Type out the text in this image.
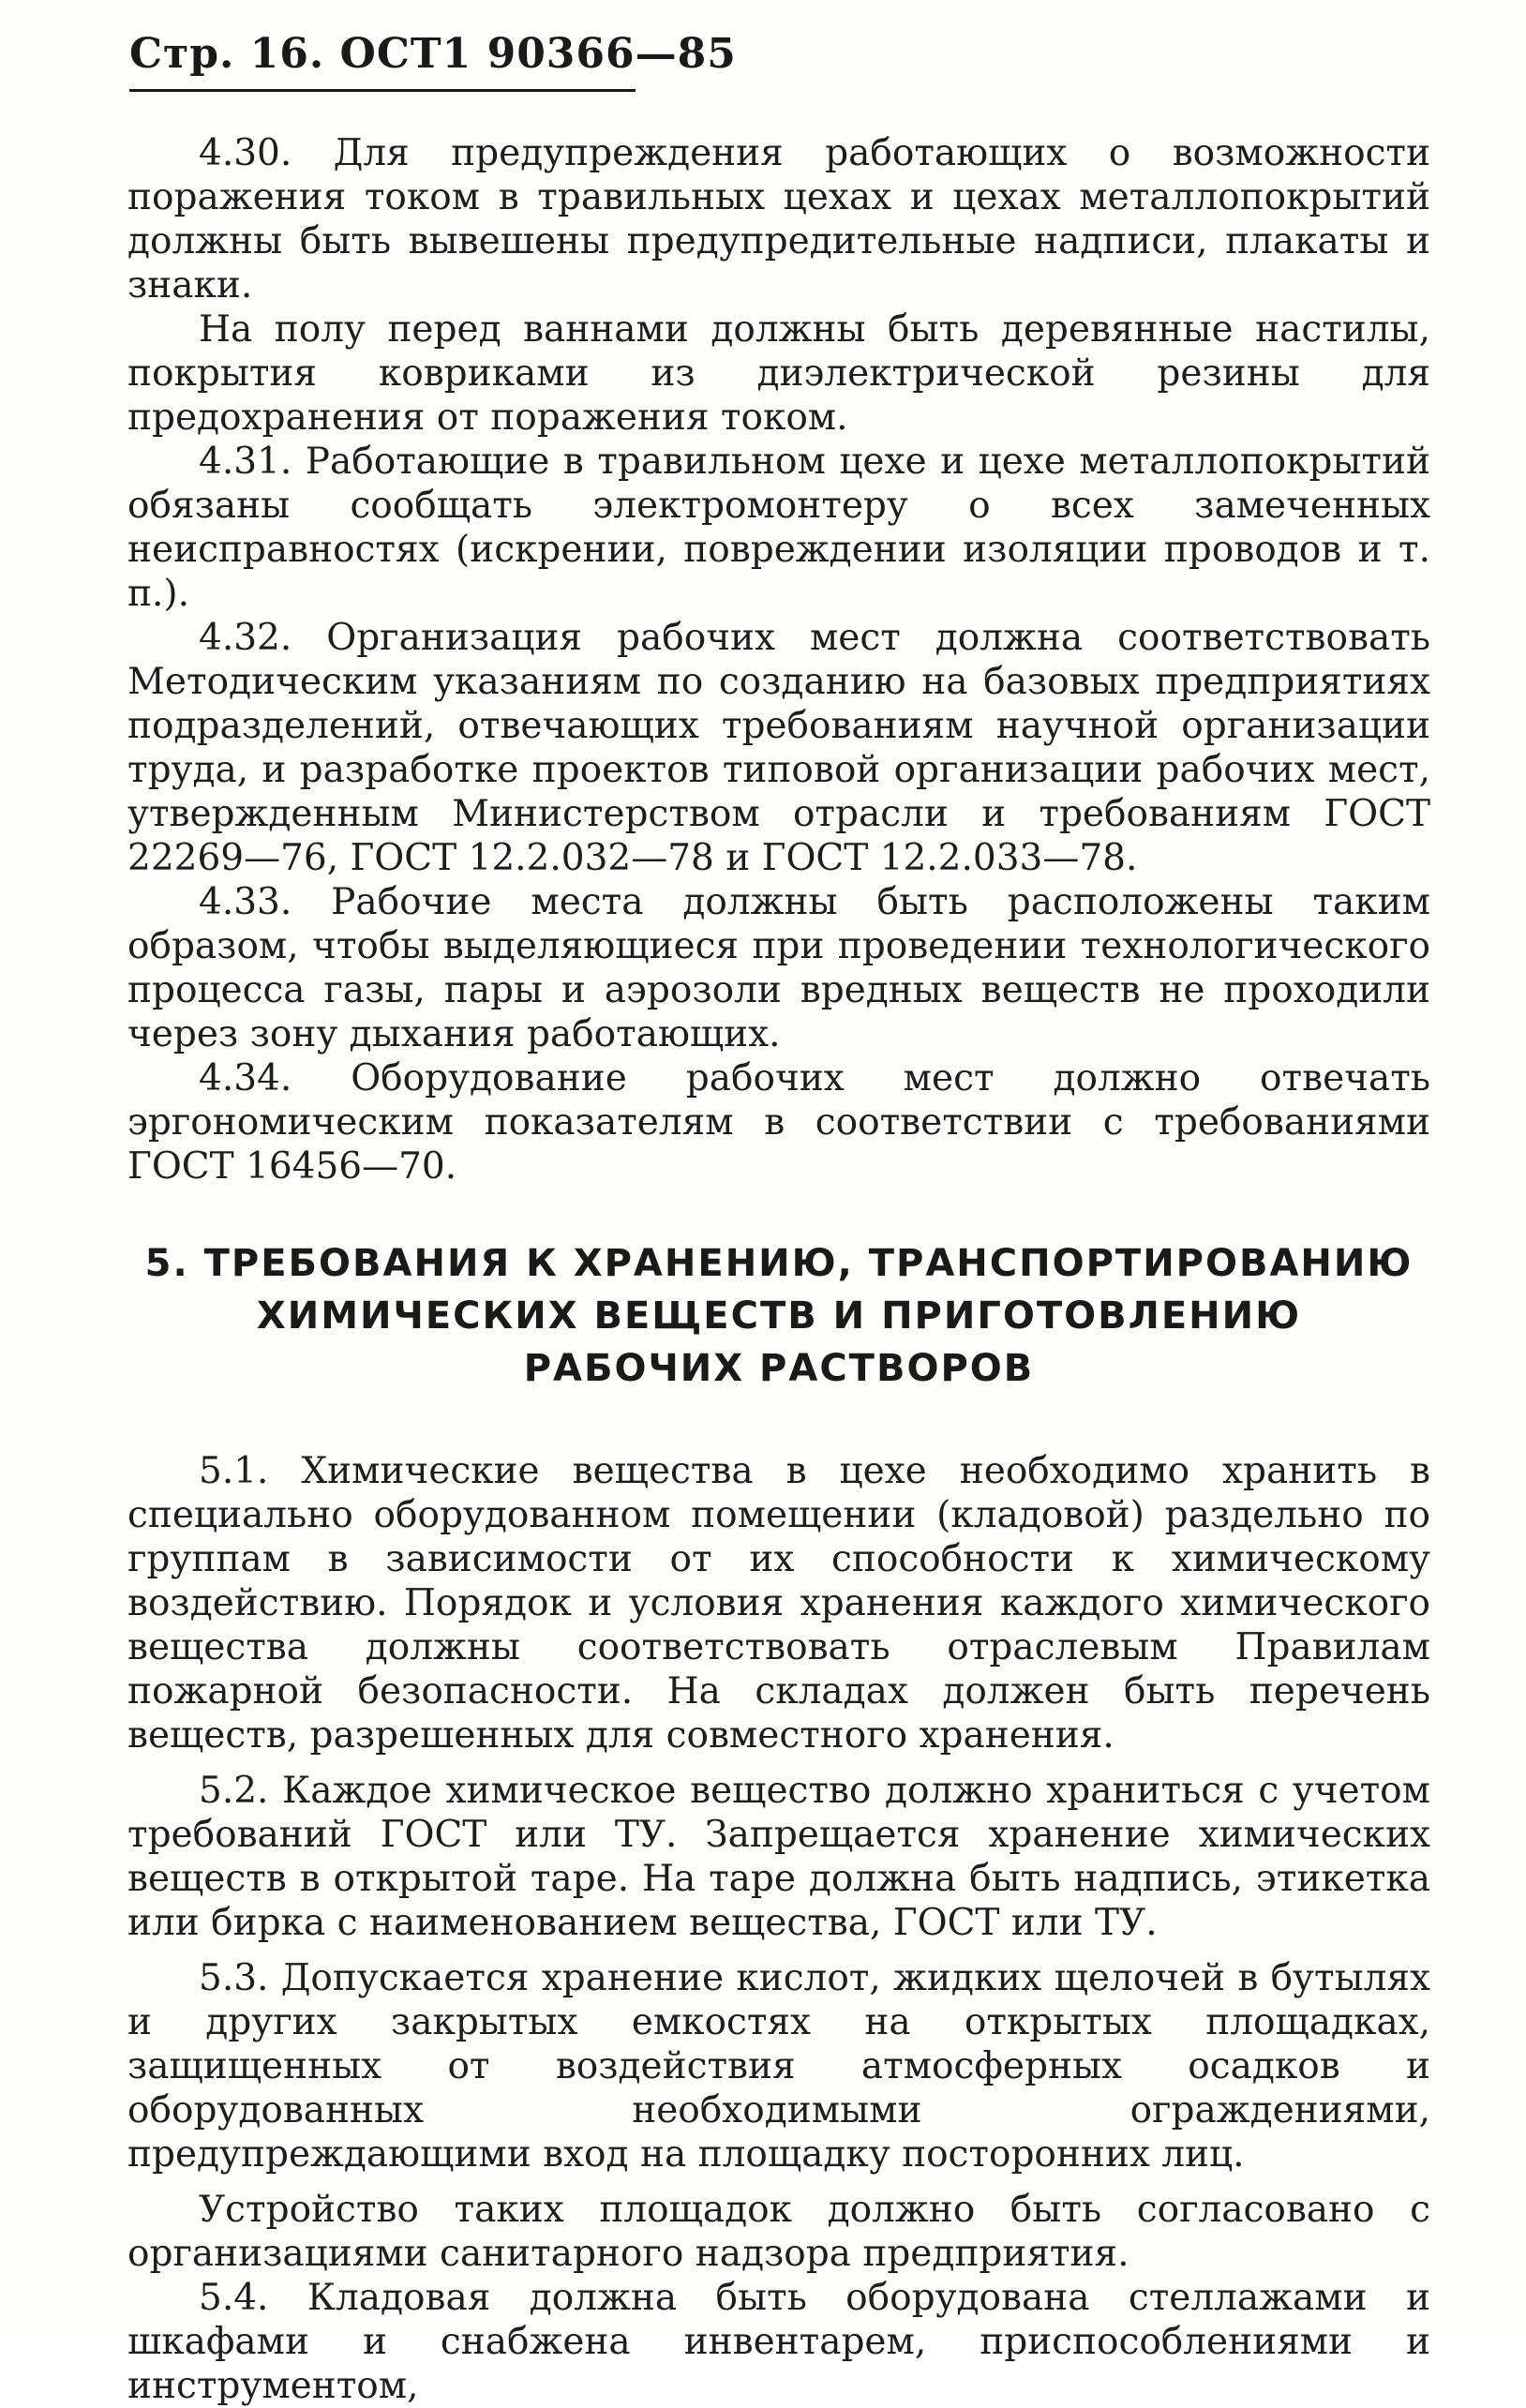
Стр. 16. ОСТ1 90366—85

4.30. Для предупреждения работающих о возможности поражения током в травильных цехах и цехах металлопокрытий должны быть вывешены предупредительные надписи, плакаты и знаки.

На полу перед ваннами должны быть деревянные настилы, покрытия ковриками из диэлектрической резины для предохранения от поражения током.

4.31. Работающие в травильном цехе и цехе металлопокрытий обязаны сообщать электромонтеру о всех замеченных неисправностях (искрении, повреждении изоляции проводов и т. п.).

4.32. Организация рабочих мест должна соответствовать Методическим указаниям по созданию на базовых предприятиях подразделений, отвечающих требованиям научной организации труда, и разработке проектов типовой организации рабочих мест, утвержденным Министерством отрасли и требованиям ГОСТ 22269—76, ГОСТ 12.2.032—78 и ГОСТ 12.2.033—78.

4.33. Рабочие места должны быть расположены таким образом, чтобы выделяющиеся при проведении технологического процесса газы, пары и аэрозоли вредных веществ не проходили через зону дыхания работающих.

4.34. Оборудование рабочих мест должно отвечать эргономическим показателям в соответствии с требованиями ГОСТ 16456—70.

5. ТРЕБОВАНИЯ К ХРАНЕНИЮ, ТРАНСПОРТИРОВАНИЮ
ХИМИЧЕСКИХ ВЕЩЕСТВ И ПРИГОТОВЛЕНИЮ
РАБОЧИХ РАСТВОРОВ

5.1. Химические вещества в цехе необходимо хранить в специально оборудованном помещении (кладовой) раздельно по группам в зависимости от их способности к химическому воздействию. Порядок и условия хранения каждого химического вещества должны соответствовать отраслевым Правилам пожарной безопасности. На складах должен быть перечень веществ, разрешенных для совместного хранения.

5.2. Каждое химическое вещество должно храниться с учетом требований ГОСТ или ТУ. Запрещается хранение химических веществ в открытой таре. На таре должна быть надпись, этикетка или бирка с наименованием вещества, ГОСТ или ТУ.

5.3. Допускается хранение кислот, жидких щелочей в бутылях и других закрытых емкостях на открытых площадках, защищенных от воздействия атмосферных осадков и оборудованных необходимыми ограждениями, предупреждающими вход на площадку посторонних лиц.

Устройство таких площадок должно быть согласовано с организациями санитарного надзора предприятия.

5.4. Кладовая должна быть оборудована стеллажами и шкафами и снабжена инвентарем, приспособлениями и инструментом,
